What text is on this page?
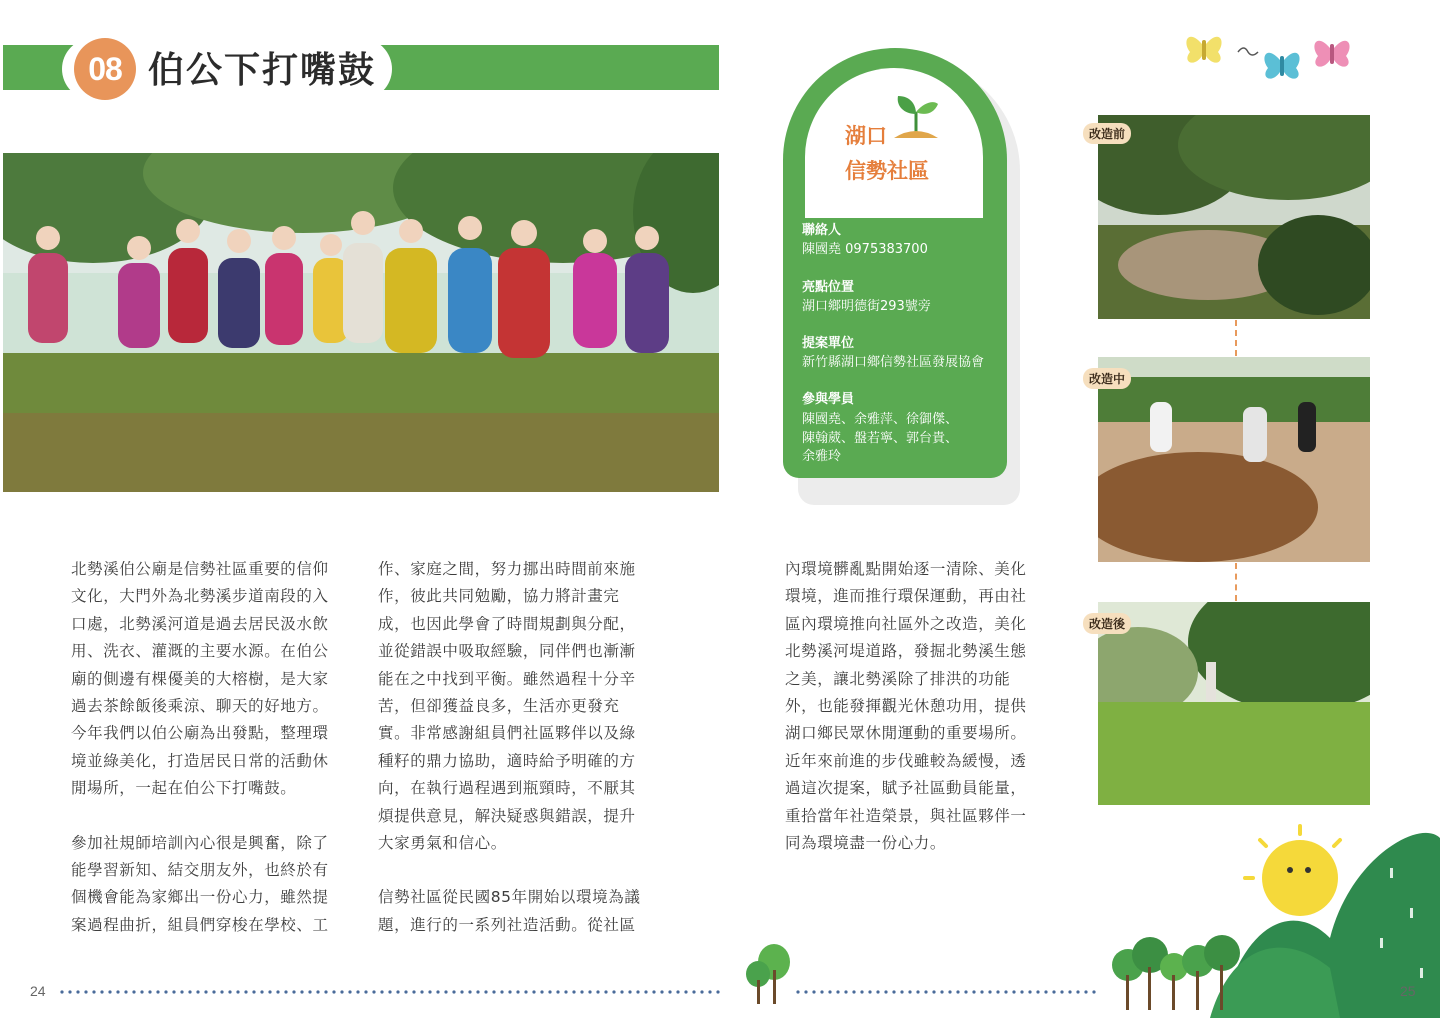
08 伯公下打嘴鼓
湖口
信勢社區
聯絡人
陳國堯 0975383700
亮點位置
湖口鄉明德街293號旁
提案單位
新竹縣湖口鄉信勢社區發展協會
參與學員
陳國堯、余雅萍、徐御傑、
陳翰葳、盤若寧、郭台貴、
余雅玲
改造前
改造中
改造後

北勢溪伯公廟是信勢社區重要的信仰
文化，大門外為北勢溪步道南段的入
口處，北勢溪河道是過去居民汲水飲
用、洗衣、灌溉的主要水源。在伯公
廟的側邊有棵優美的大榕樹，是大家
過去茶餘飯後乘涼、聊天的好地方。
今年我們以伯公廟為出發點，整理環
境並綠美化，打造居民日常的活動休
閒場所，一起在伯公下打嘴鼓。

參加社規師培訓內心很是興奮，除了
能學習新知、結交朋友外，也終於有
個機會能為家鄉出一份心力，雖然提
案過程曲折，組員們穿梭在學校、工

作、家庭之間，努力挪出時間前來施
作，彼此共同勉勵，協力將計畫完
成，也因此學會了時間規劃與分配，
並從錯誤中吸取經驗，同伴們也漸漸
能在之中找到平衡。雖然過程十分辛
苦，但卻獲益良多，生活亦更發充
實。非常感謝組員們社區夥伴以及綠
種籽的鼎力協助，適時給予明確的方
向，在執行過程遇到瓶頸時，不厭其
煩提供意見，解決疑惑與錯誤，提升
大家勇氣和信心。

信勢社區從民國85年開始以環境為議
題，進行的一系列社造活動。從社區

內環境髒亂點開始逐一清除、美化
環境，進而推行環保運動，再由社
區內環境推向社區外之改造，美化
北勢溪河堤道路，發掘北勢溪生態
之美，讓北勢溪除了排洪的功能
外，也能發揮觀光休憩功用，提供
湖口鄉民眾休閒運動的重要場所。
近年來前進的步伐雖較為緩慢，透
過這次提案，賦予社區動員能量，
重拾當年社造榮景，與社區夥伴一
同為環境盡一份心力。

24	25
